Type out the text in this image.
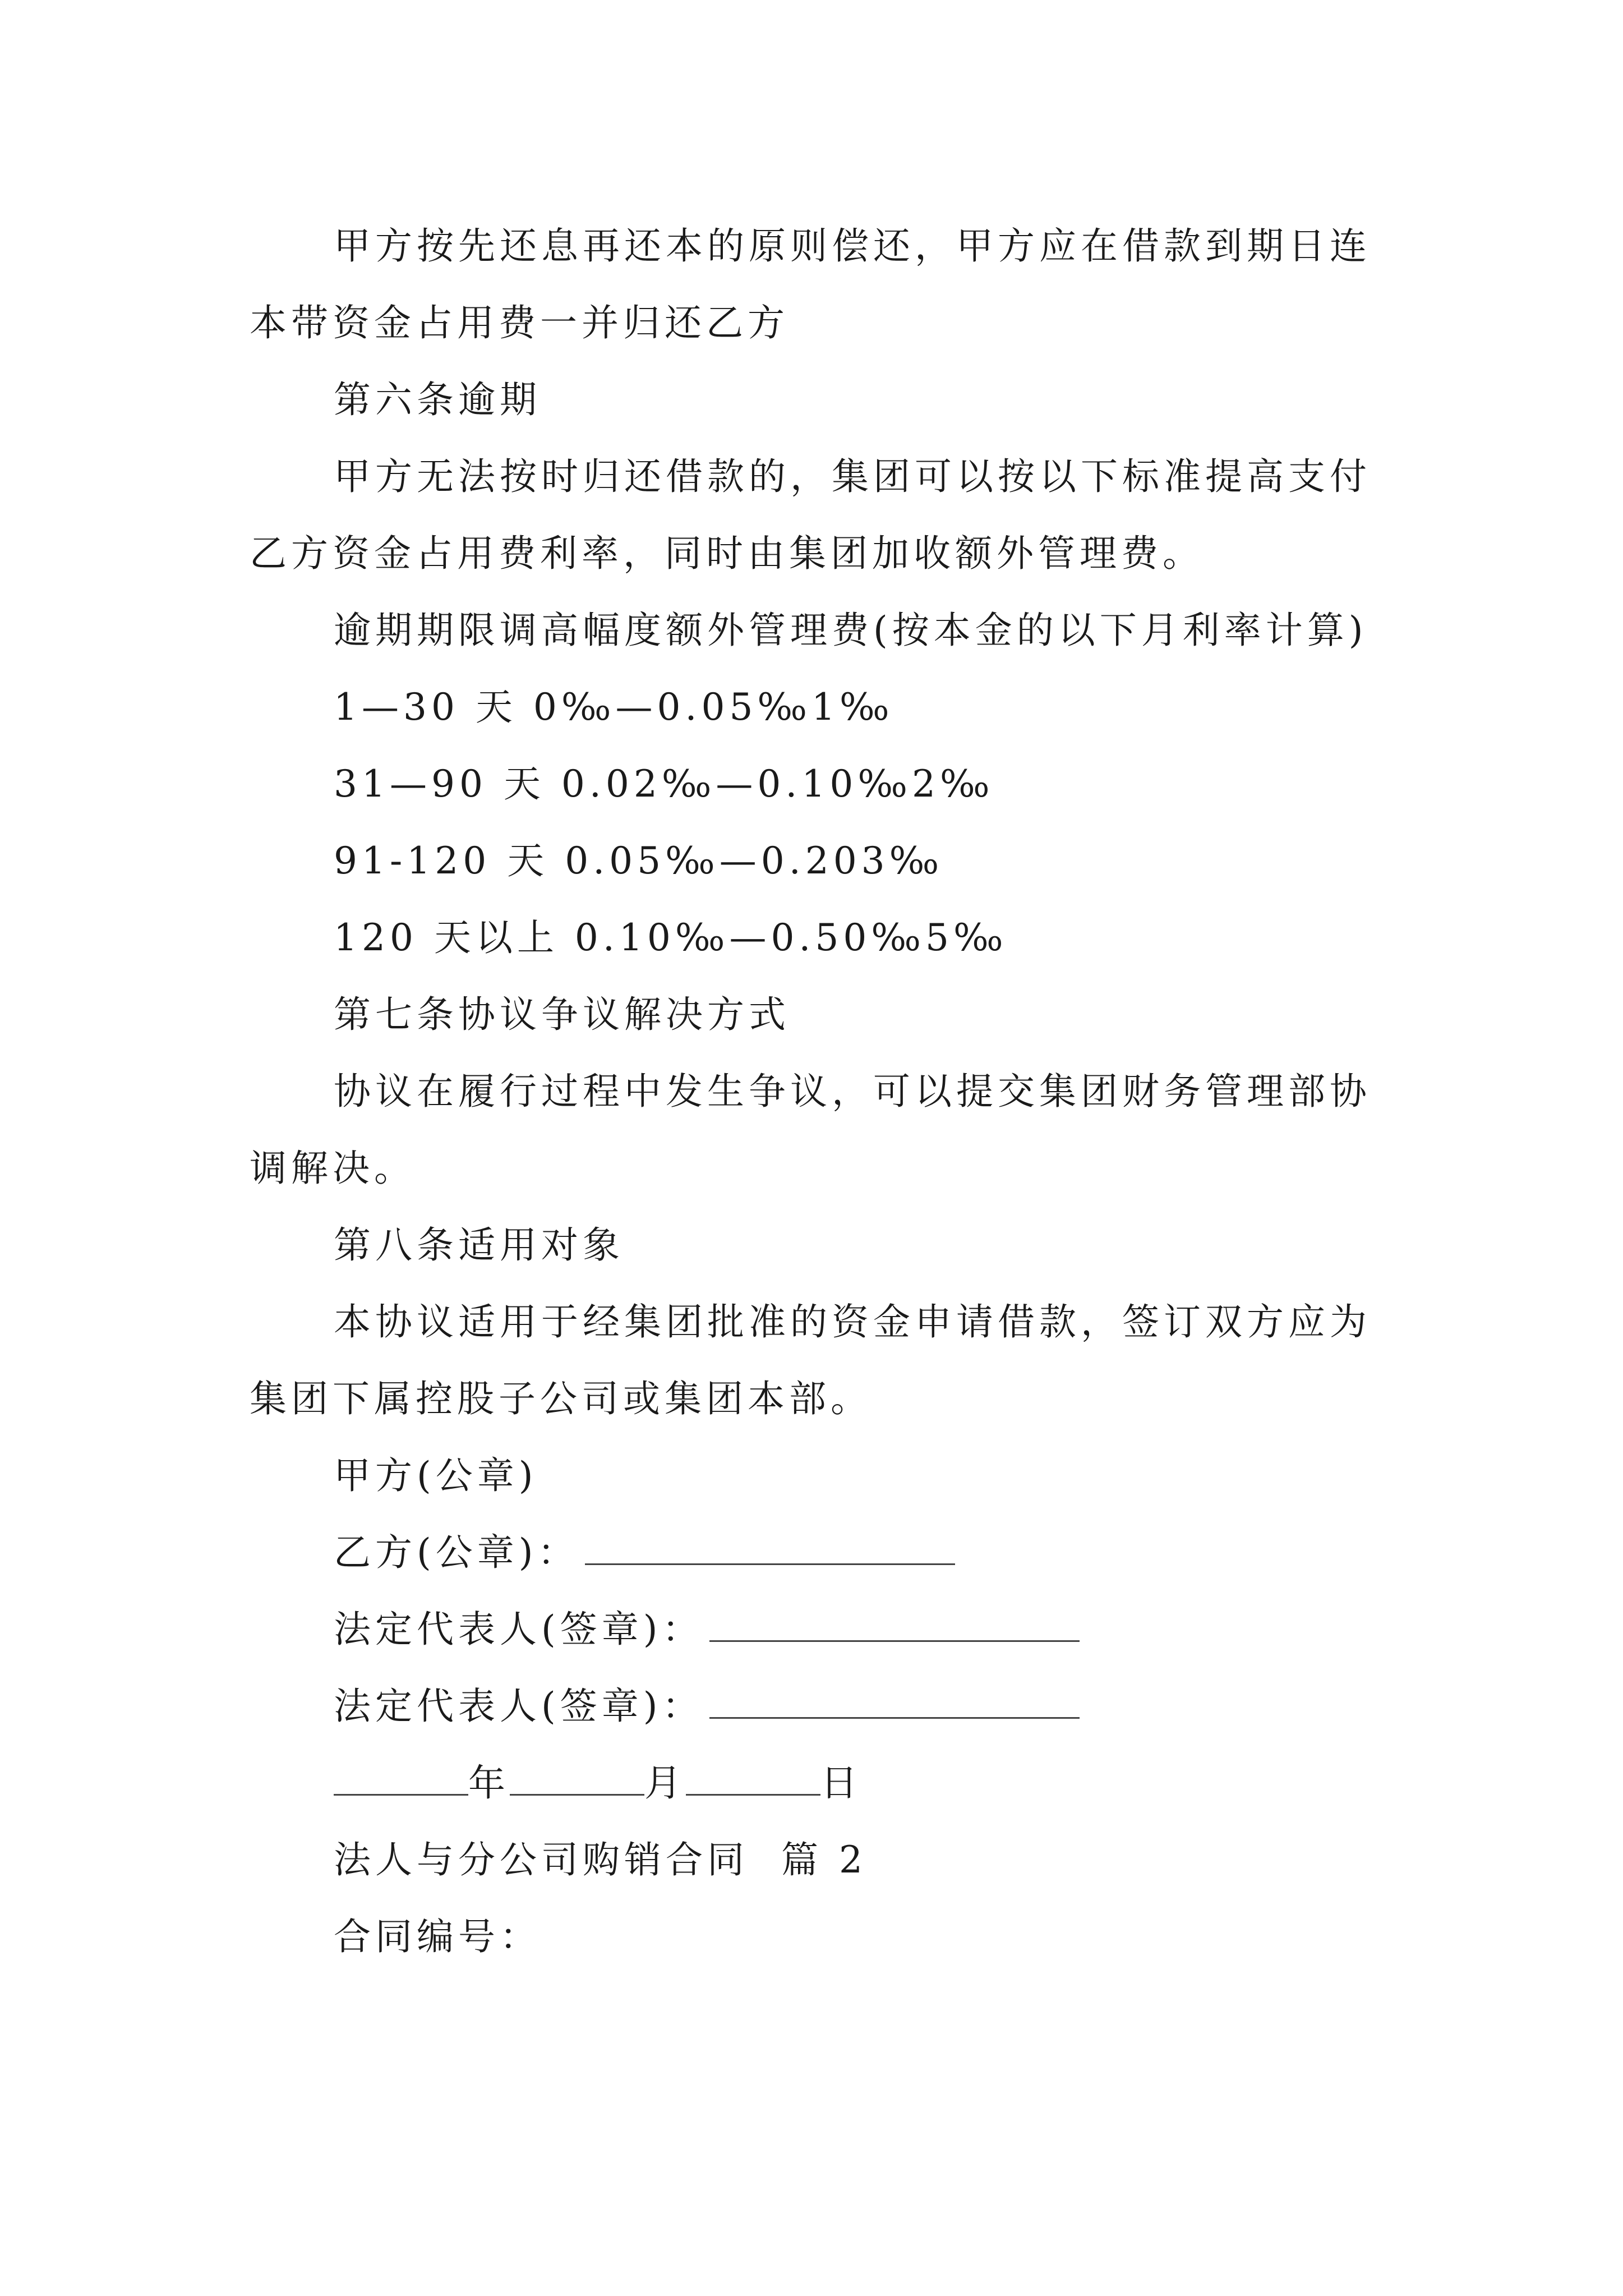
甲方按先还息再还本的原则偿还，甲方应在借款到期日连本带资金占用费一并归还乙方

第六条逾期

甲方无法按时归还借款的，集团可以按以下标准提高支付乙方资金占用费利率，同时由集团加收额外管理费。

逾期期限调高幅度额外管理费(按本金的以下月利率计算)

1—30 天 0‰—0.05‰1‰

31—90 天 0.02‰—0.10‰2‰

91-120 天 0.05‰—0.203‰

120 天以上 0.10‰—0.50‰5‰

第七条协议争议解决方式

协议在履行过程中发生争议，可以提交集团财务管理部协调解决。

第八条适用对象

本协议适用于经集团批准的资金申请借款，签订双方应为集团下属控股子公司或集团本部。

甲方(公章)

乙方(公章)：

法定代表人(签章)：

法定代表人(签章)：

年	月	日

法人与分公司购销合同  篇 2

合同编号：
